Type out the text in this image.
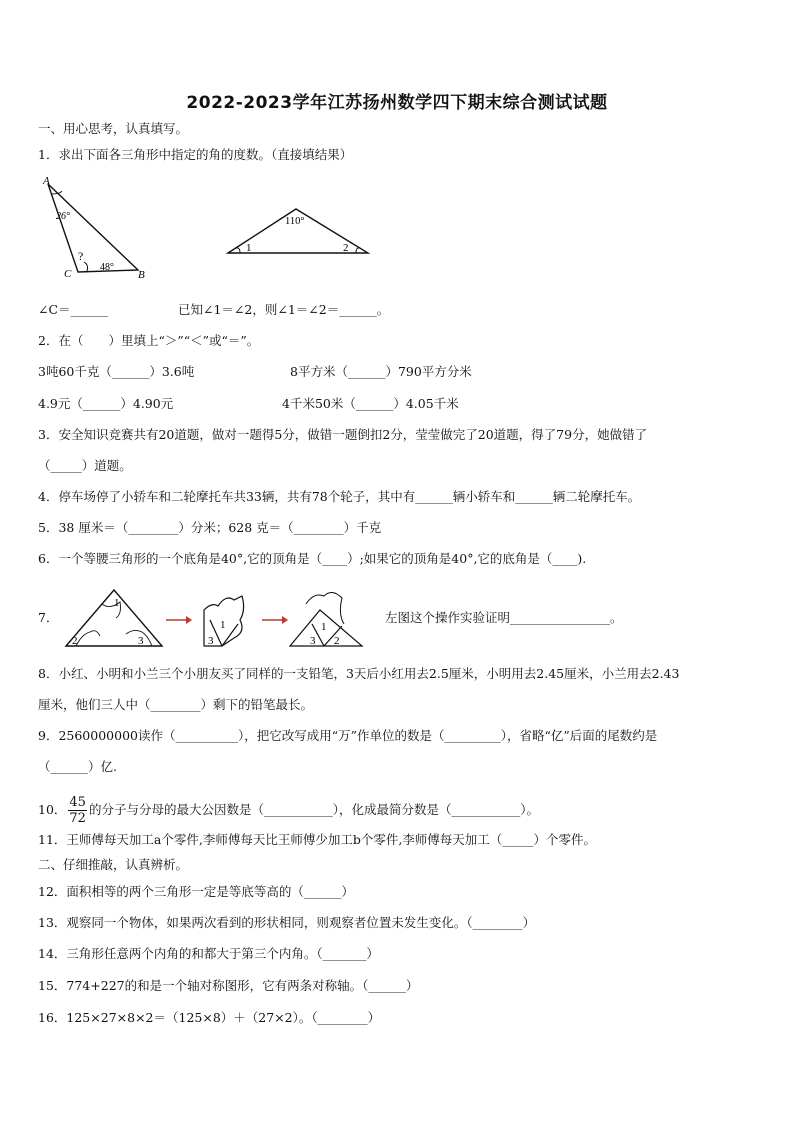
2022-2023学年江苏扬州数学四下期末综合测试试题
一、用心思考，认真填写。
1．求出下面各三角形中指定的角的度数。（直接填结果）
A
26°
?
C
48°
B
110°
1	2
∠C＝______	已知∠1＝∠2，则∠1＝∠2＝______。
2．在（　　）里填上“＞”“＜”或“＝”。
3吨60千克（______）3.6吨	8平方米（______）790平方分米
4.9元（______）4.90元	4千米50米（______）4.05千米
3．安全知识竞赛共有20道题，做对一题得5分，做错一题倒扣2分，莹莹做完了20道题，得了79分，她做错了
（_____）道题。
4．停车场停了小轿车和二轮摩托车共33辆，共有78个轮子，其中有______辆小轿车和______辆二轮摩托车。
5．38 厘米＝（________）分米；628 克＝（________）千克
6．一个等腰三角形的一个底角是40°,它的顶角是（____）;如果它的顶角是40°,它的底角是（____).
7．
1
2	3	3
1
3
1
2
左图这个操作实验证明________________。
8．小红、小明和小兰三个小朋友买了同样的一支铅笔，3天后小红用去2.5厘米，小明用去2.45厘米，小兰用去2.43
厘米，他们三人中（________）剩下的铅笔最长。
9．2560000000读作（__________），把它改写成用“万”作单位的数是（_________），省略“亿”后面的尾数约是
（______）亿.
10． $\frac{45}{72}$ 的分子与分母的最大公因数是（___________），化成最简分数是（___________）。
11．王师傅每天加工a个零件,李师傅每天比王师傅少加工b个零件,李师傅每天加工（_____）个零件。
二、仔细推敲，认真辨析。
12．面积相等的两个三角形一定是等底等高的（______）
13．观察同一个物体，如果两次看到的形状相同，则观察者位置未发生变化。（________）
14．三角形任意两个内角的和都大于第三个内角。（_______）
15．774+227的和是一个轴对称图形，它有两条对称轴。（______）
16．125×27×8×2＝（125×8）＋（27×2）。（________）
